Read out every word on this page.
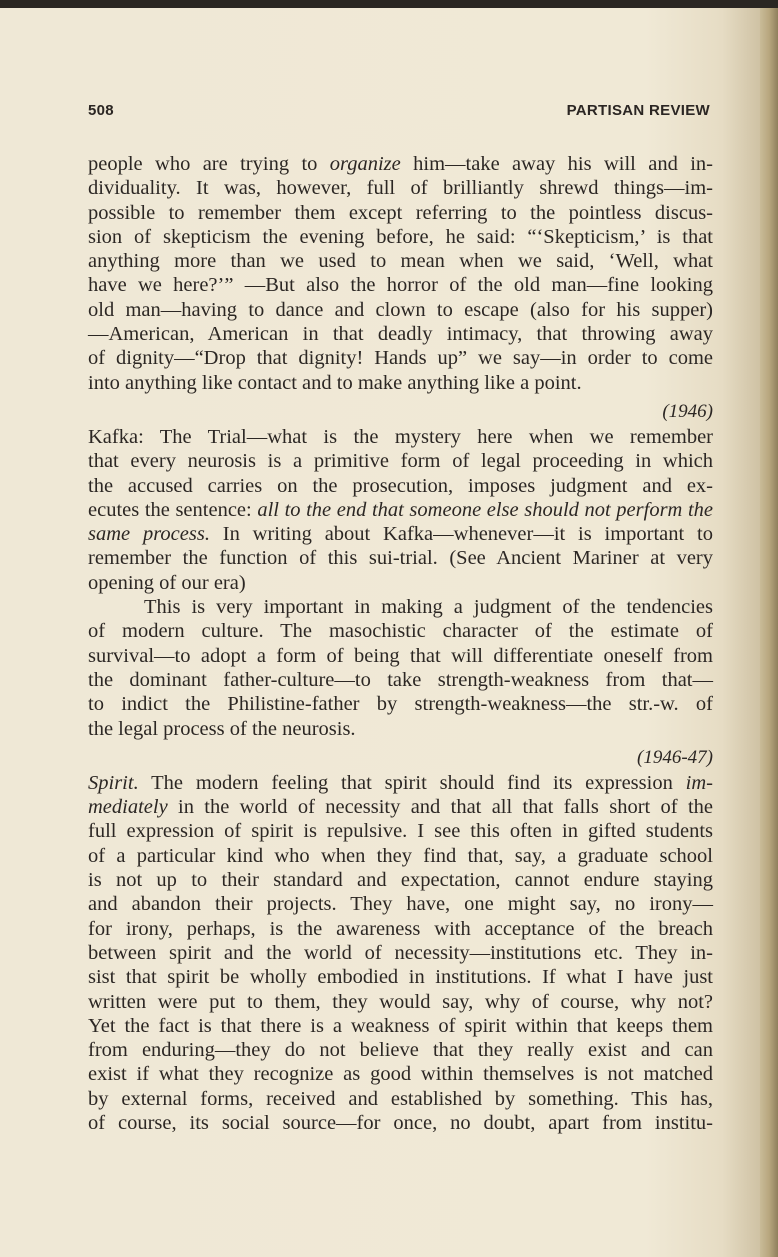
508	PARTISAN REVIEW
people who are trying to organize him—take away his will and in-
dividuality. It was, however, full of brilliantly shrewd things—im-
possible to remember them except referring to the pointless discus-
sion of skepticism the evening before, he said: “‘Skepticism,’ is that
anything more than we used to mean when we said, ‘Well, what
have we here?’” —But also the horror of the old man—fine looking
old man—having to dance and clown to escape (also for his supper)
—American, American in that deadly intimacy, that throwing away
of dignity—“Drop that dignity! Hands up” we say—in order to come
into anything like contact and to make anything like a point.
(1946)
Kafka: The Trial—what is the mystery here when we remember
that every neurosis is a primitive form of legal proceeding in which
the accused carries on the prosecution, imposes judgment and ex-
ecutes the sentence: all to the end that someone else should not perform the
same process. In writing about Kafka—whenever—it is important to
remember the function of this sui-trial. (See Ancient Mariner at very
opening of our era)
This is very important in making a judgment of the tendencies
of modern culture. The masochistic character of the estimate of
survival—to adopt a form of being that will differentiate oneself from
the dominant father-culture—to take strength-weakness from that—
to indict the Philistine-father by strength-weakness—the str.-w. of
the legal process of the neurosis.
(1946-47)
Spirit. The modern feeling that spirit should find its expression im-
mediately in the world of necessity and that all that falls short of the
full expression of spirit is repulsive. I see this often in gifted students
of a particular kind who when they find that, say, a graduate school
is not up to their standard and expectation, cannot endure staying
and abandon their projects. They have, one might say, no irony—
for irony, perhaps, is the awareness with acceptance of the breach
between spirit and the world of necessity—institutions etc. They in-
sist that spirit be wholly embodied in institutions. If what I have just
written were put to them, they would say, why of course, why not?
Yet the fact is that there is a weakness of spirit within that keeps them
from enduring—they do not believe that they really exist and can
exist if what they recognize as good within themselves is not matched
by external forms, received and established by something. This has,
of course, its social source—for once, no doubt, apart from institu-
